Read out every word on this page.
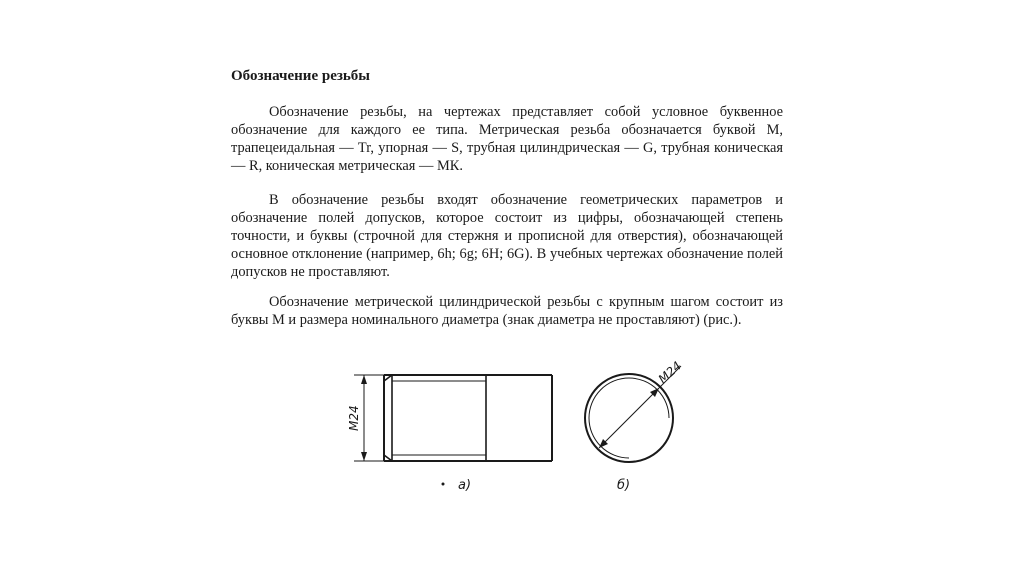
Обозначение резьбы

Обозначение резьбы, на чертежах представляет собой условное буквенное обозначение для каждого ее типа. Метрическая резьба обозначается буквой М, трапецеидальная — Tr, упорная — S, трубная цилиндрическая — G, трубная коническая — R, коническая метрическая — МК.

В обозначение резьбы входят обозначение геометрических параметров и обозначение полей допусков, которое состоит из цифры, обозначающей степень точности, и буквы (строчной для стержня и прописной для отверстия), обозначающей основное отклонение (например, 6h; 6g; 6H; 6G). В учебных чертежах обозначение полей допусков не проставляют.

Обозначение метрической цилиндрической резьбы с крупным шагом состоит из буквы М и размера номинального диаметра (знак диаметра не проставляют) (рис.).

М24
а)
М24
б)
